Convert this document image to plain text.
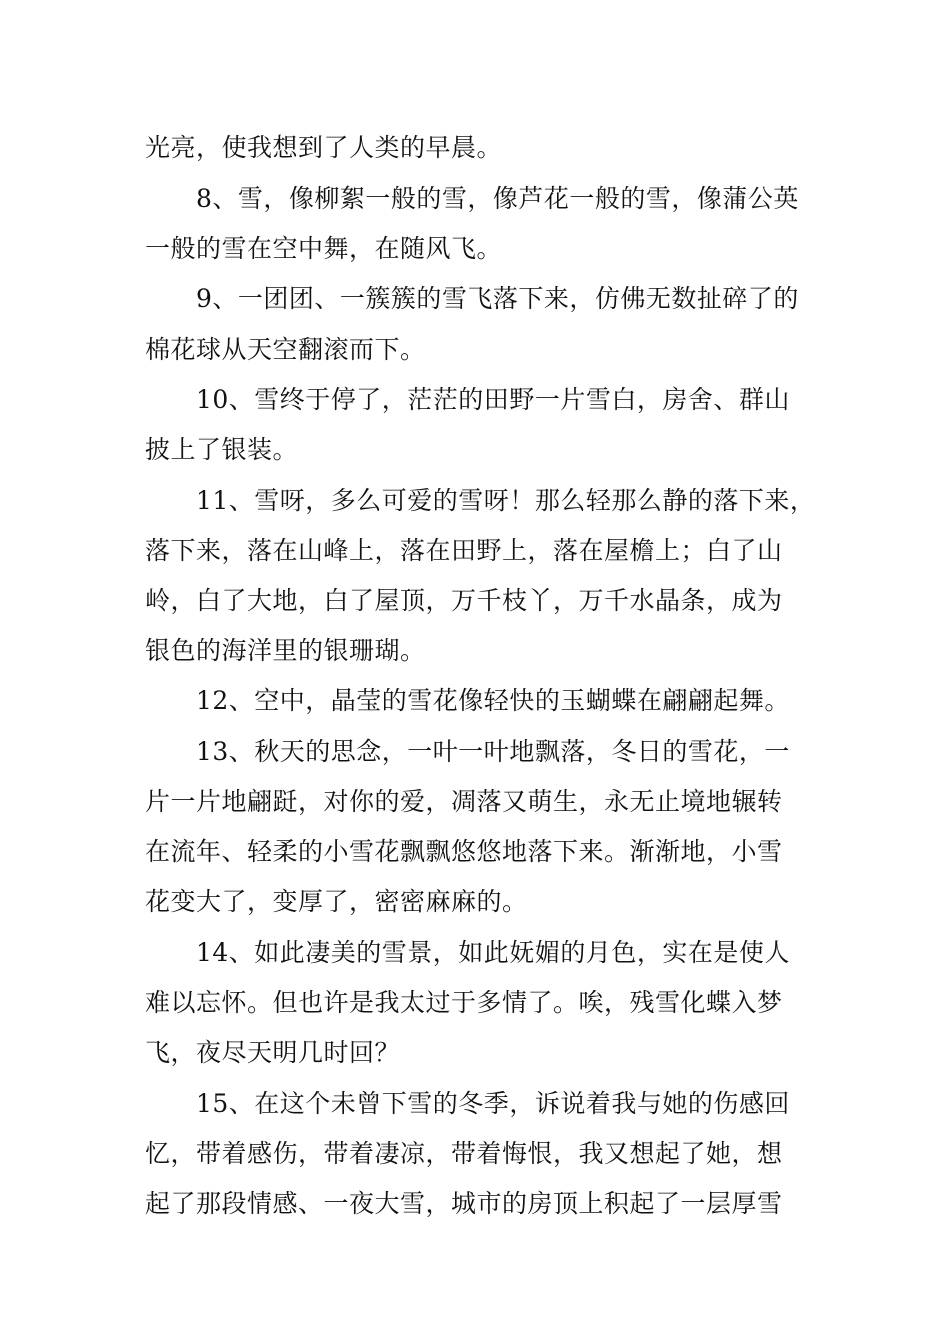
光亮，使我想到了人类的早晨。
8、雪，像柳絮一般的雪，像芦花一般的雪，像蒲公英
一般的雪在空中舞，在随风飞。
9、一团团、一簇簇的雪飞落下来，仿佛无数扯碎了的
棉花球从天空翻滚而下。
10、雪终于停了，茫茫的田野一片雪白，房舍、群山
披上了银装。
11、雪呀，多么可爱的雪呀！那么轻那么静的落下来，
落下来，落在山峰上，落在田野上，落在屋檐上；白了山
岭，白了大地，白了屋顶，万千枝丫，万千水晶条，成为
银色的海洋里的银珊瑚。
12、空中，晶莹的雪花像轻快的玉蝴蝶在翩翩起舞。
13、秋天的思念，一叶一叶地飘落，冬日的雪花，一
片一片地翩跹，对你的爱，凋落又萌生，永无止境地辗转
在流年、轻柔的小雪花飘飘悠悠地落下来。渐渐地，小雪
花变大了，变厚了，密密麻麻的。
14、如此凄美的雪景，如此妩媚的月色，实在是使人
难以忘怀。但也许是我太过于多情了。唉，残雪化蝶入梦
飞，夜尽天明几时回？
15、在这个未曾下雪的冬季，诉说着我与她的伤感回
忆，带着感伤，带着凄凉，带着悔恨，我又想起了她，想
起了那段情感、一夜大雪，城市的房顶上积起了一层厚雪
